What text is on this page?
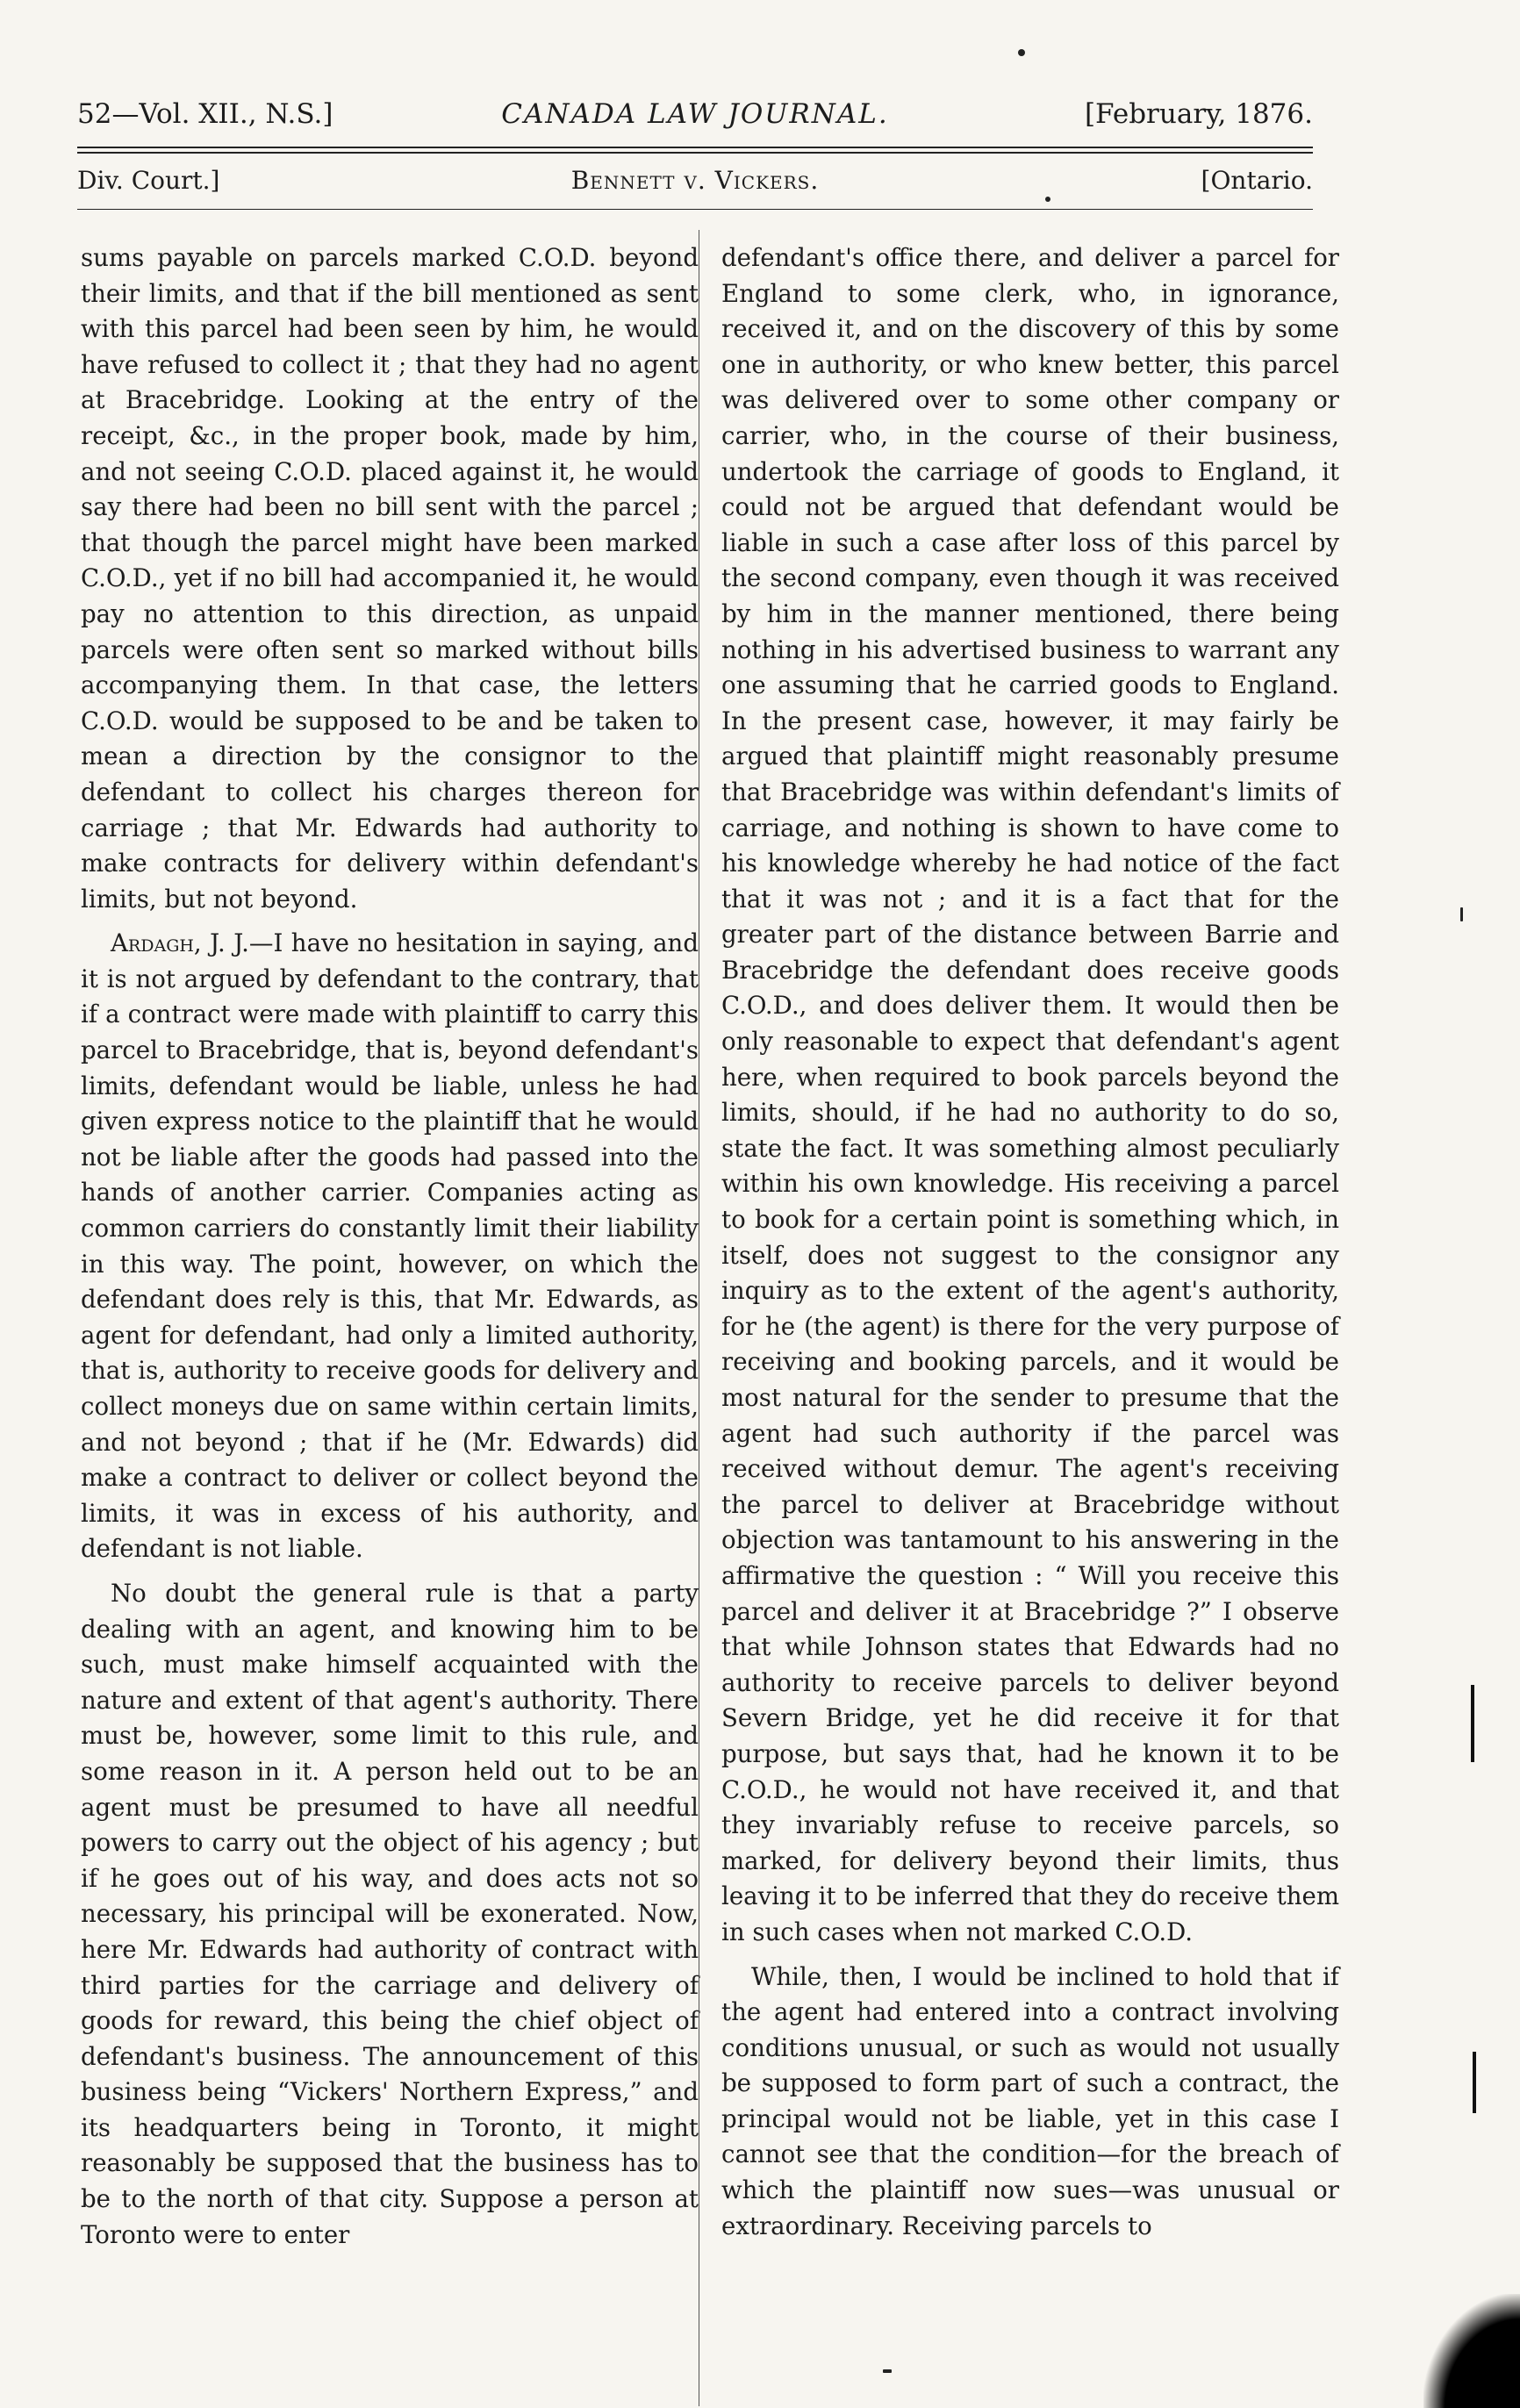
52—Vol. XII., N.S.]	CANADA LAW JOURNAL.	[February, 1876.
Div. Court.]	Bennett v. Vickers.	[Ontario.

sums payable on parcels marked C.O.D. beyond their limits, and that if the bill mentioned as sent with this parcel had been seen by him, he would have refused to collect it ; that they had no agent at Bracebridge. Looking at the entry of the receipt, &c., in the proper book, made by him, and not seeing C.O.D. placed against it, he would say there had been no bill sent with the parcel ; that though the parcel might have been marked C.O.D., yet if no bill had accompanied it, he would pay no attention to this direction, as unpaid parcels were often sent so marked without bills accompanying them. In that case, the letters C.O.D. would be supposed to be and be taken to mean a direction by the consignor to the defendant to collect his charges thereon for carriage ; that Mr. Edwards had authority to make contracts for delivery within defendant's limits, but not beyond.

Ardagh, J. J.—I have no hesitation in saying, and it is not argued by defendant to the contrary, that if a contract were made with plaintiff to carry this parcel to Bracebridge, that is, beyond defendant's limits, defendant would be liable, unless he had given express notice to the plaintiff that he would not be liable after the goods had passed into the hands of another carrier. Companies acting as common carriers do constantly limit their liability in this way. The point, however, on which the defendant does rely is this, that Mr. Edwards, as agent for defendant, had only a limited authority, that is, authority to receive goods for delivery and collect moneys due on same within certain limits, and not beyond ; that if he (Mr. Edwards) did make a contract to deliver or collect beyond the limits, it was in excess of his authority, and defendant is not liable.

No doubt the general rule is that a party dealing with an agent, and knowing him to be such, must make himself acquainted with the nature and extent of that agent's authority. There must be, however, some limit to this rule, and some reason in it. A person held out to be an agent must be presumed to have all needful powers to carry out the object of his agency ; but if he goes out of his way, and does acts not so necessary, his principal will be exonerated. Now, here Mr. Edwards had authority of contract with third parties for the carriage and delivery of goods for reward, this being the chief object of defendant's business. The announcement of this business being “Vickers' Northern Express,” and its headquarters being in Toronto, it might reasonably be supposed that the business has to be to the north of that city. Suppose a person at Toronto were to enter

defendant's office there, and deliver a parcel for England to some clerk, who, in ignorance, received it, and on the discovery of this by some one in authority, or who knew better, this parcel was delivered over to some other company or carrier, who, in the course of their business, undertook the carriage of goods to England, it could not be argued that defendant would be liable in such a case after loss of this parcel by the second company, even though it was received by him in the manner mentioned, there being nothing in his advertised business to warrant any one assuming that he carried goods to England. In the present case, however, it may fairly be argued that plaintiff might reasonably presume that Bracebridge was within defendant's limits of carriage, and nothing is shown to have come to his knowledge whereby he had notice of the fact that it was not ; and it is a fact that for the greater part of the distance between Barrie and Bracebridge the defendant does receive goods C.O.D., and does deliver them. It would then be only reasonable to expect that defendant's agent here, when required to book parcels beyond the limits, should, if he had no authority to do so, state the fact. It was something almost peculiarly within his own knowledge. His receiving a parcel to book for a certain point is something which, in itself, does not suggest to the consignor any inquiry as to the extent of the agent's authority, for he (the agent) is there for the very purpose of receiving and booking parcels, and it would be most natural for the sender to presume that the agent had such authority if the parcel was received without demur. The agent's receiving the parcel to deliver at Bracebridge without objection was tantamount to his answering in the affirmative the question : “ Will you receive this parcel and deliver it at Bracebridge ?” I observe that while Johnson states that Edwards had no authority to receive parcels to deliver beyond Severn Bridge, yet he did receive it for that purpose, but says that, had he known it to be C.O.D., he would not have received it, and that they invariably refuse to receive parcels, so marked, for delivery beyond their limits, thus leaving it to be inferred that they do receive them in such cases when not marked C.O.D.

While, then, I would be inclined to hold that if the agent had entered into a contract involving conditions unusual, or such as would not usually be supposed to form part of such a contract, the principal would not be liable, yet in this case I cannot see that the condition—for the breach of which the plaintiff now sues—was unusual or extraordinary. Receiving parcels to
